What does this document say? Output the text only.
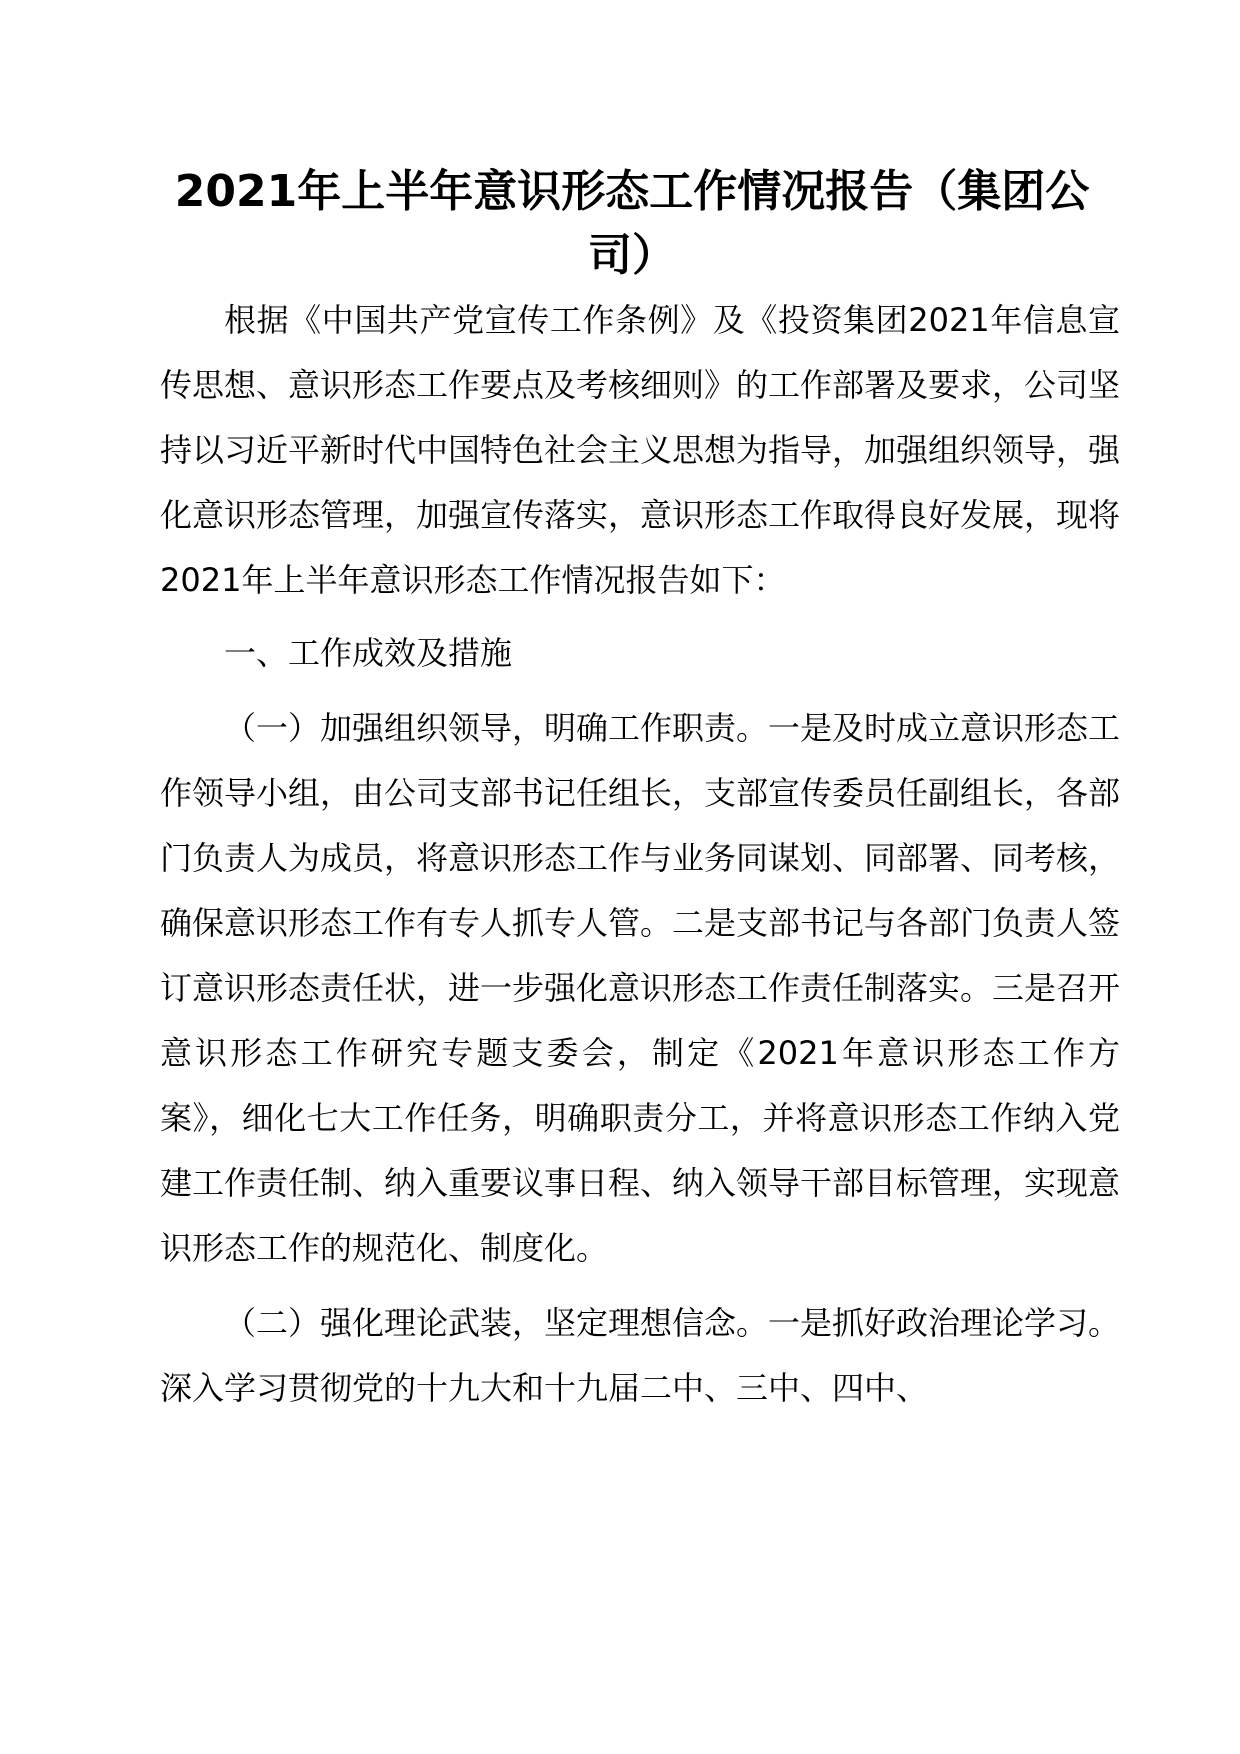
2021年上半年意识形态工作情况报告（集团公司）

根据《中国共产党宣传工作条例》及《投资集团2021年信息宣传思想、意识形态工作要点及考核细则》的工作部署及要求，公司坚持以习近平新时代中国特色社会主义思想为指导，加强组织领导，强化意识形态管理，加强宣传落实，意识形态工作取得良好发展，现将2021年上半年意识形态工作情况报告如下：

一、工作成效及措施

（一）加强组织领导，明确工作职责。一是及时成立意识形态工作领导小组，由公司支部书记任组长，支部宣传委员任副组长，各部门负责人为成员，将意识形态工作与业务同谋划、同部署、同考核，确保意识形态工作有专人抓专人管。二是支部书记与各部门负责人签订意识形态责任状，进一步强化意识形态工作责任制落实。三是召开意识形态工作研究专题支委会，制定《2021年意识形态工作方案》，细化七大工作任务，明确职责分工，并将意识形态工作纳入党建工作责任制、纳入重要议事日程、纳入领导干部目标管理，实现意识形态工作的规范化、制度化。

（二）强化理论武装，坚定理想信念。一是抓好政治理论学习。深入学习贯彻党的十九大和十九届二中、三中、四中、
